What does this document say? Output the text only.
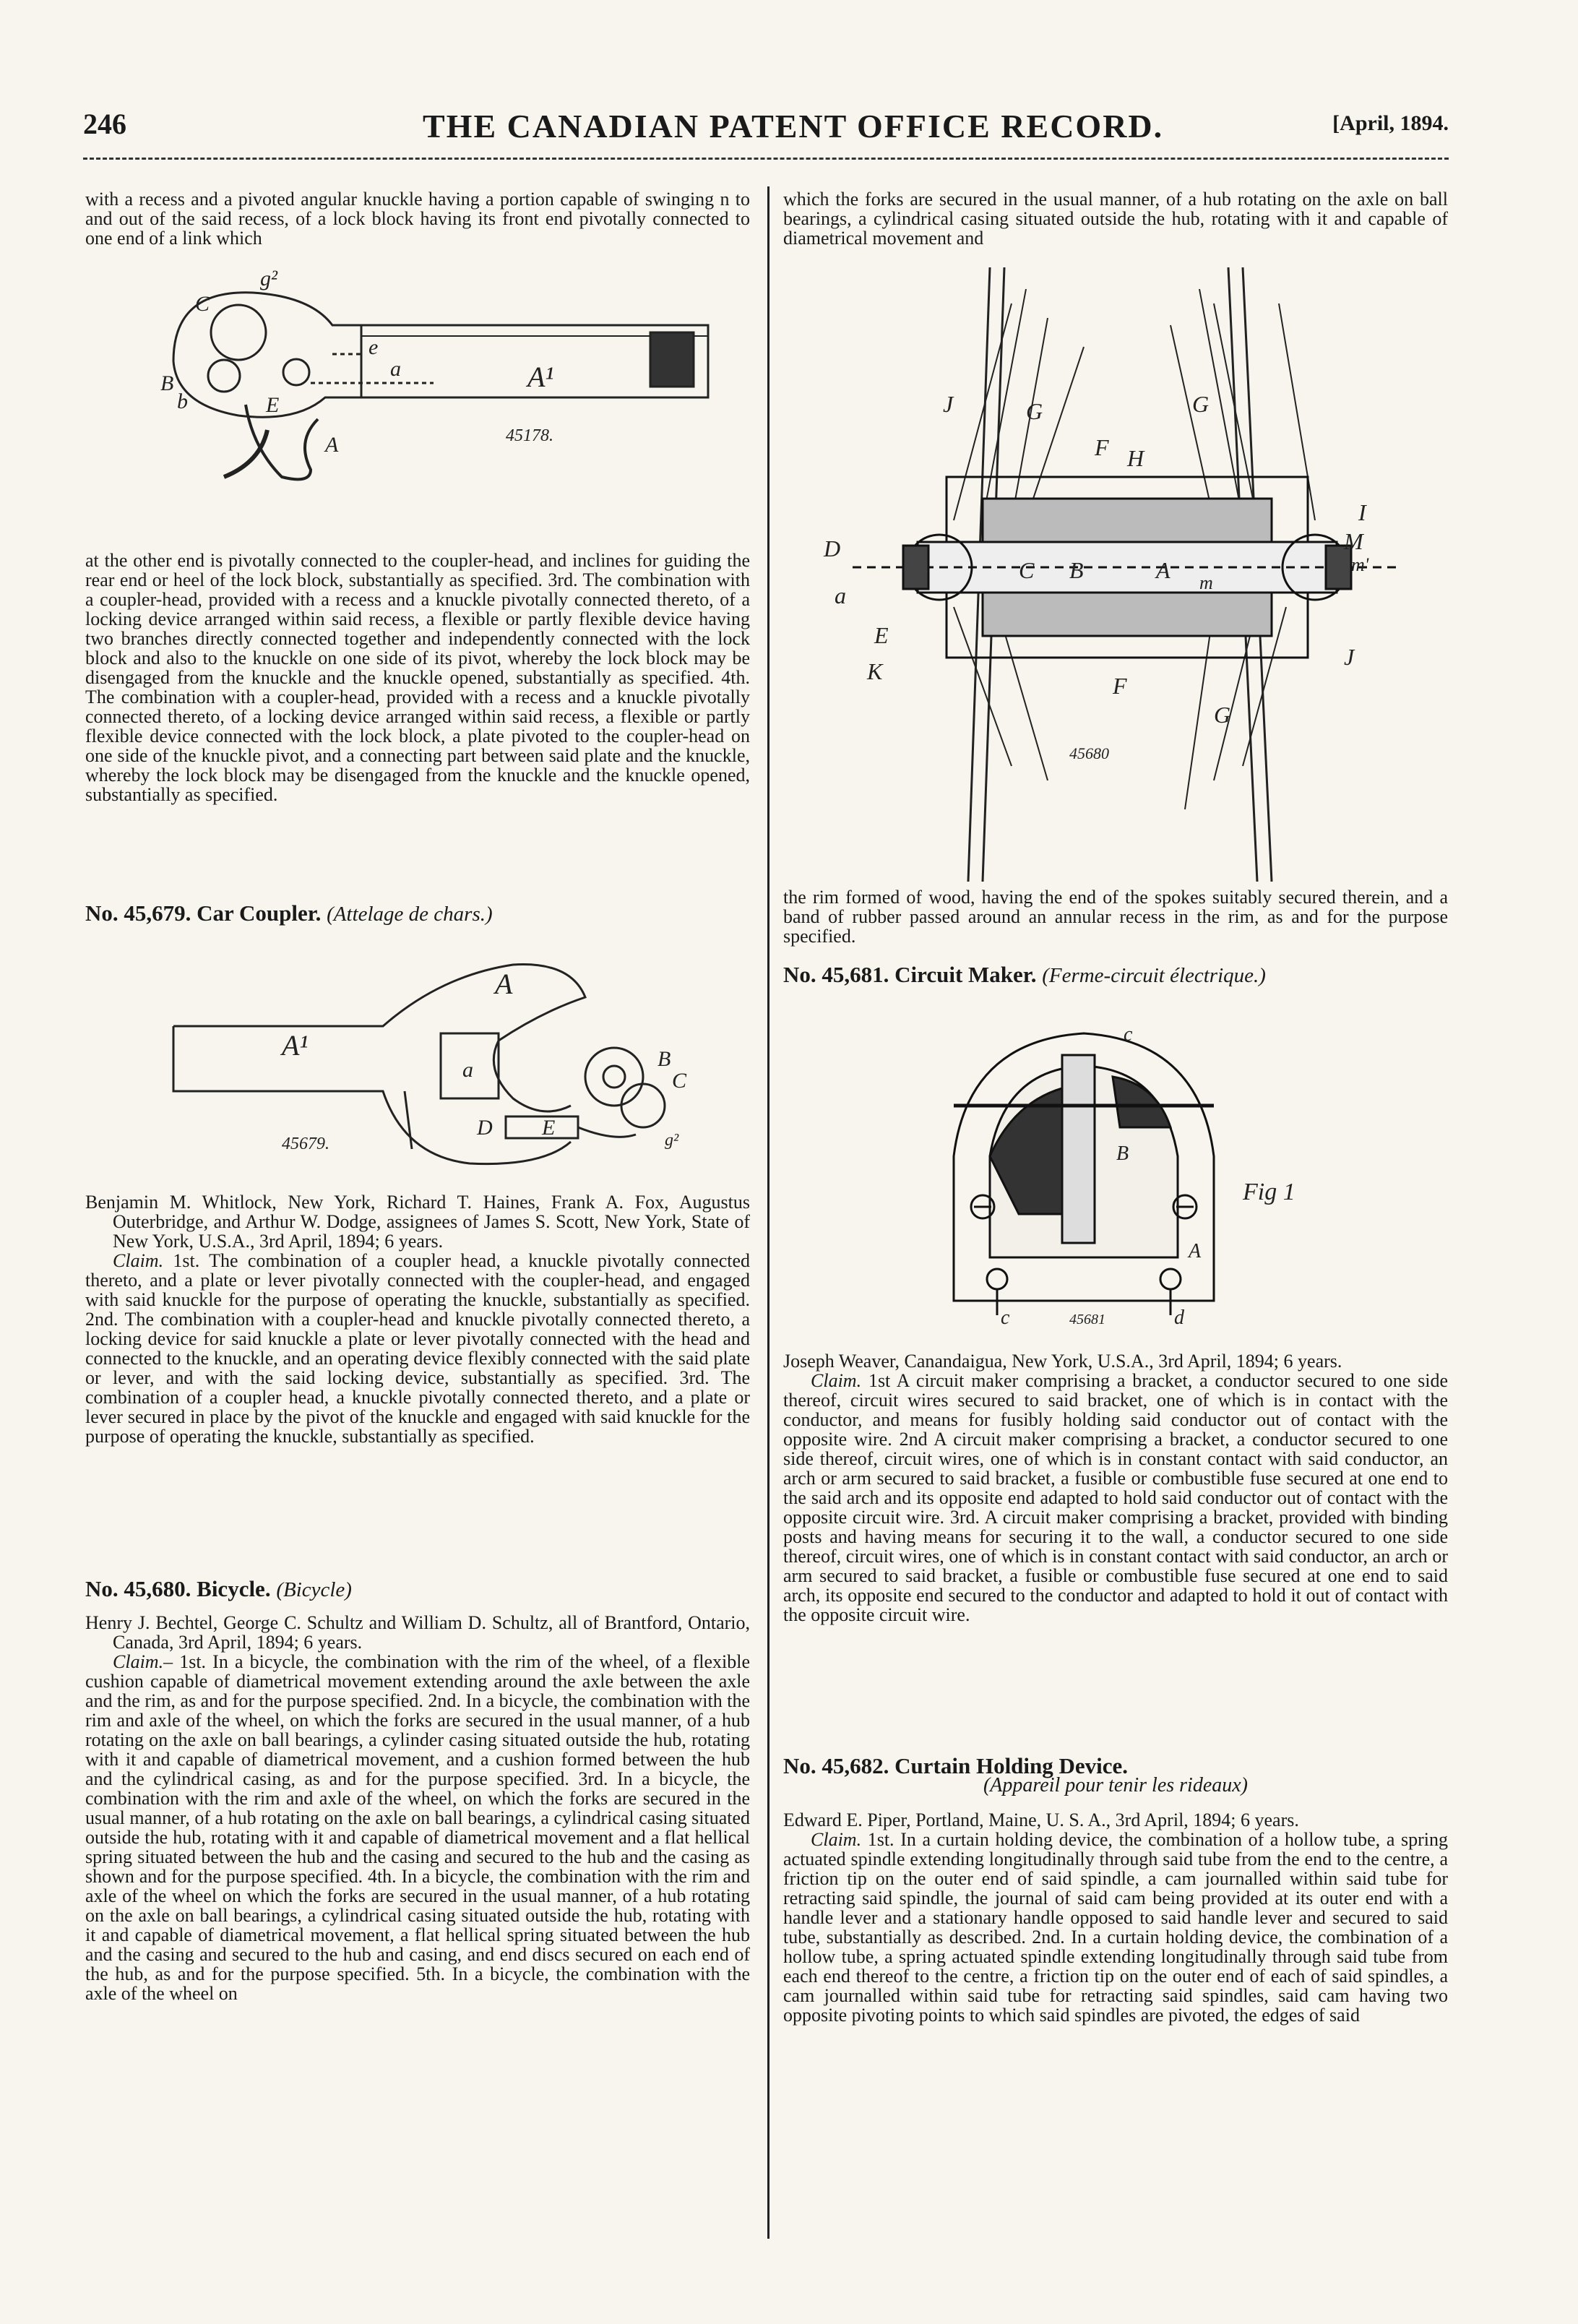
246	THE CANADIAN PATENT OFFICE RECORD.	[April, 1894.

with a recess and a pivoted angular knuckle having a portion capable of swinging n to and out of the said recess, of a lock block having its front end pivotally connected to one end of a link which

g²
C
B
E
A
A¹
a
e
b
45178.

at the other end is pivotally connected to the coupler-head, and inclines for guiding the rear end or heel of the lock block, substantially as specified. 3rd. The combination with a coupler-head, provided with a recess and a knuckle pivotally connected thereto, of a locking device arranged within said recess, a flexible or partly flexible device having two branches directly connected together and independently connected with the lock block and also to the knuckle on one side of its pivot, whereby the lock block may be disengaged from the knuckle and the knuckle opened, substantially as specified. 4th. The combination with a coupler-head, provided with a recess and a knuckle pivotally connected thereto, of a locking device arranged within said recess, a flexible or partly flexible device connected with the lock block, a plate pivoted to the coupler-head on one side of the knuckle pivot, and a connecting part between said plate and the knuckle, whereby the lock block may be disengaged from the knuckle and the knuckle opened, substantially as specified.

No. 45,679. Car Coupler. (Attelage de chars.)

A
A¹
a
D E
B
C
g²
45679.

Benjamin M. Whitlock, New York, Richard T. Haines, Frank A. Fox, Augustus Outerbridge, and Arthur W. Dodge, assignees of James S. Scott, New York, State of New York, U.S.A., 3rd April, 1894; 6 years.

Claim. 1st. The combination of a coupler head, a knuckle pivotally connected thereto, and a plate or lever pivotally connected with the coupler-head, and engaged with said knuckle for the purpose of operating the knuckle, substantially as specified. 2nd. The combination with a coupler-head and knuckle pivotally connected thereto, a locking device for said knuckle a plate or lever pivotally connected with the head and connected to the knuckle, and an operating device flexibly connected with the said plate or lever, and with the said locking device, substantially as specified. 3rd. The combination of a coupler head, a knuckle pivotally connected thereto, and a plate or lever secured in place by the pivot of the knuckle and engaged with said knuckle for the purpose of operating the knuckle, substantially as specified.

No. 45,680. Bicycle. (Bicycle)

Henry J. Bechtel, George C. Schultz and William D. Schultz, all of Brantford, Ontario, Canada, 3rd April, 1894; 6 years.

Claim.– 1st. In a bicycle, the combination with the rim of the wheel, of a flexible cushion capable of diametrical movement extending around the axle between the axle and the rim, as and for the purpose specified. 2nd. In a bicycle, the combination with the rim and axle of the wheel, on which the forks are secured in the usual manner, of a hub rotating on the axle on ball bearings, a cylinder casing situated outside the hub, rotating with it and capable of diametrical movement, and a cushion formed between the hub and the cylindrical casing, as and for the purpose specified. 3rd. In a bicycle, the combination with the rim and axle of the wheel, on which the forks are secured in the usual manner, of a hub rotating on the axle on ball bearings, a cylindrical casing situated outside the hub, rotating with it and capable of diametrical movement and a flat hellical spring situated between the hub and the casing and secured to the hub and the casing as shown and for the purpose specified. 4th. In a bicycle, the combination with the rim and axle of the wheel on which the forks are secured in the usual manner, of a hub rotating on the axle on ball bearings, a cylindrical casing situated outside the hub, rotating with it and capable of diametrical movement, a flat hellical spring situated between the hub and the casing and secured to the hub and casing, and end discs secured on each end of the hub, as and for the purpose specified. 5th. In a bicycle, the combination with the axle of the wheel on

which the forks are secured in the usual manner, of a hub rotating on the axle on ball bearings, a cylindrical casing situated outside the hub, rotating with it and capable of diametrical movement and

J	G
F H
G
I
D	M
m'
a
C B	A m
E
K
F
J
G
45680

the rim formed of wood, having the end of the spokes suitably secured therein, and a band of rubber passed around an annular recess in the rim, as and for the purpose specified.

No. 45,681. Circuit Maker. (Ferme-circuit électrique.)

c
B
A
c	d
Fig 1
45681

Joseph Weaver, Canandaigua, New York, U.S.A., 3rd April, 1894; 6 years.

Claim. 1st A circuit maker comprising a bracket, a conductor secured to one side thereof, circuit wires secured to said bracket, one of which is in contact with the conductor, and means for fusibly holding said conductor out of contact with the opposite wire. 2nd A circuit maker comprising a bracket, a conductor secured to one side thereof, circuit wires, one of which is in constant contact with said conductor, an arch or arm secured to said bracket, a fusible or combustible fuse secured at one end to the said arch and its opposite end adapted to hold said conductor out of contact with the opposite circuit wire. 3rd. A circuit maker comprising a bracket, provided with binding posts and having means for securing it to the wall, a conductor secured to one side thereof, circuit wires, one of which is in constant contact with said conductor, an arch or arm secured to said bracket, a fusible or combustible fuse secured at one end to said arch, its opposite end secured to the conductor and adapted to hold it out of contact with the opposite circuit wire.

No. 45,682. Curtain Holding Device.

(Appareil pour tenir les rideaux)

Edward E. Piper, Portland, Maine, U. S. A., 3rd April, 1894; 6 years.

Claim. 1st. In a curtain holding device, the combination of a hollow tube, a spring actuated spindle extending longitudinally through said tube from the end to the centre, a friction tip on the outer end of said spindle, a cam journalled within said tube for retracting said spindle, the journal of said cam being provided at its outer end with a handle lever and a stationary handle opposed to said handle lever and secured to said tube, substantially as described. 2nd. In a curtain holding device, the combination of a hollow tube, a spring actuated spindle extending longitudinally through said tube from each end thereof to the centre, a friction tip on the outer end of each of said spindles, a cam journalled within said tube for retracting said spindles, said cam having two opposite pivoting points to which said spindles are pivoted, the edges of said
